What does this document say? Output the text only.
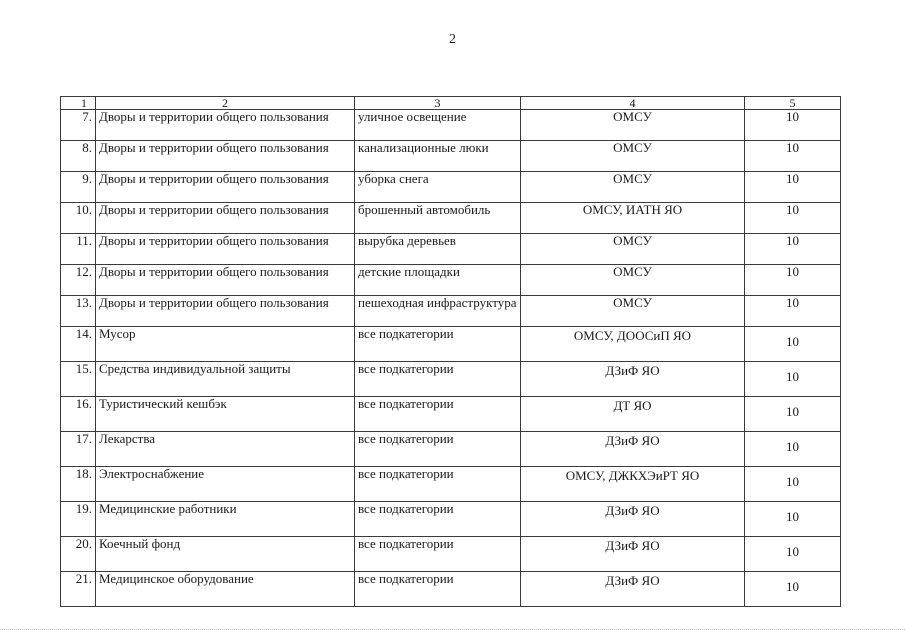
2
1	2	3	4	5
7.	Дворы и территории общего пользования	уличное освещение	ОМСУ	10
8.	Дворы и территории общего пользования	канализационные люки	ОМСУ	10
9.	Дворы и территории общего пользования	уборка снега	ОМСУ	10
10.	Дворы и территории общего пользования	брошенный автомобиль	ОМСУ, ИАТН ЯО	10
11.	Дворы и территории общего пользования	вырубка деревьев	ОМСУ	10
12.	Дворы и территории общего пользования	детские площадки	ОМСУ	10
13.	Дворы и территории общего пользования	пешеходная инфраструктура	ОМСУ	10
14.	Мусор	все подкатегории	ОМСУ, ДООСиП ЯО	10
15.	Средства индивидуальной защиты	все подкатегории	ДЗиФ ЯО	10
16.	Туристический кешбэк	все подкатегории	ДТ ЯО	10
17.	Лекарства	все подкатегории	ДЗиФ ЯО	10
18.	Электроснабжение	все подкатегории	ОМСУ, ДЖКХЭиРТ ЯО	10
19.	Медицинские работники	все подкатегории	ДЗиФ ЯО	10
20.	Коечный фонд	все подкатегории	ДЗиФ ЯО	10
21.	Медицинское оборудование	все подкатегории	ДЗиФ ЯО	10
